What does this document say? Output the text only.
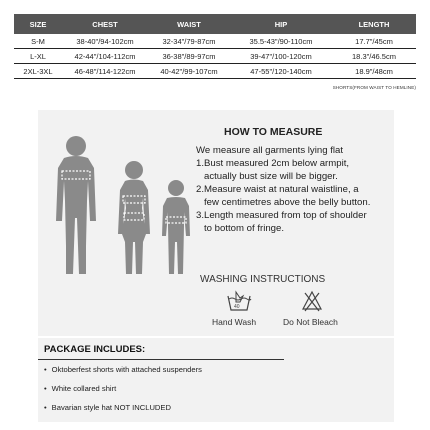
SIZE	CHEST	WAIST	HIP	LENGTH
S-M	38-40"/94-102cm	32-34"/79-87cm	35.5-43"/90-110cm	17.7"/45cm
L-XL	42-44"/104-112cm	36-38"/89-97cm	39-47"/100-120cm	18.3"/46.5cm
2XL-3XL	46-48"/114-122cm	40-42"/99-107cm	47-55"/120-140cm	18.9"/48cm
SHORTS(FROM WAIST TO HEMLINE)
HOW TO MEASURE
We measure all garments lying flat
1.Bust measured 2cm below armpit,
actually bust size will be bigger.
2.Measure waist at natural waistline, a
few centimetres above the belly button.
3.Length measured from top of shoulder
to bottom of fringe.
WASHING INSTRUCTIONS
40
Hand Wash	Do Not Bleach
PACKAGE INCLUDES:
• Oktoberfest shorts with attached suspenders
• White collared shirt
• Bavarian style hat NOT INCLUDED
